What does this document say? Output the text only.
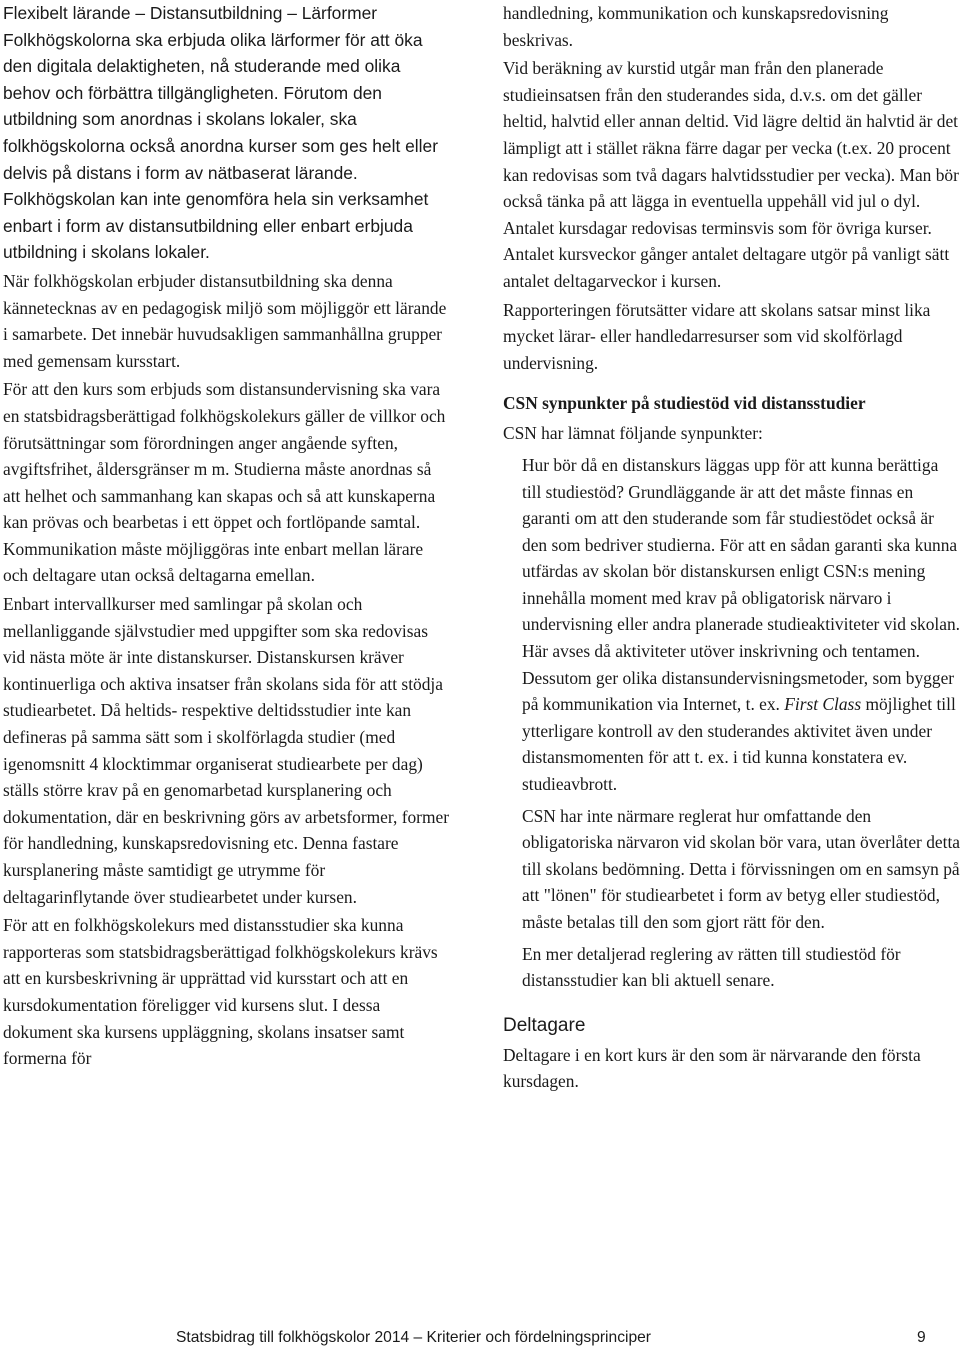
Flexibelt lärande – Distansutbildning – Lärformer

Folkhögskolorna ska erbjuda olika lärformer för att öka den digitala delaktigheten, nå studerande med olika behov och förbättra tillgängligheten. Förutom den utbildning som anordnas i skolans lokaler, ska folkhögskolorna också anordna kurser som ges helt eller delvis på distans i form av nätbaserat lärande. Folkhögskolan kan inte genomföra hela sin verksamhet enbart i form av distansutbildning eller enbart erbjuda utbildning i skolans lokaler.

När folkhögskolan erbjuder distansutbildning ska denna kännetecknas av en pedagogisk miljö som möjliggör ett lärande i samarbete. Det innebär huvudsakligen sammanhållna grupper med gemensam kursstart.

För att den kurs som erbjuds som distansundervisning ska vara en statsbidragsberättigad folkhögskolekurs gäller de villkor och förutsättningar som förordningen anger angående syften, avgiftsfrihet, åldersgränser m m. Studierna måste anordnas så att helhet och sammanhang kan skapas och så att kunskaperna kan prövas och bearbetas i ett öppet och fortlöpande samtal. Kommunikation måste möjliggöras inte enbart mellan lärare och deltagare utan också deltagarna emellan.

Enbart intervallkurser med samlingar på skolan och mellanliggande självstudier med uppgifter som ska redovisas vid nästa möte är inte distanskurser. Distanskursen kräver kontinuerliga och aktiva insatser från skolans sida för att stödja studiearbetet. Då heltids- respektive deltidsstudier inte kan defineras på samma sätt som i skolförlagda studier (med igenomsnitt 4 klocktimmar organiserat studiearbete per dag) ställs större krav på en genomarbetad kursplanering och dokumentation, där en beskrivning görs av arbetsformer, former för handledning, kunskapsredovisning etc. Denna fastare kursplanering måste samtidigt ge utrymme för deltagarinflytande över studiearbetet under kursen.

För att en folkhögskolekurs med distansstudier ska kunna rapporteras som statsbidragsberättigad folkhögskolekurs krävs att en kursbeskrivning är upprättad vid kursstart och att en kursdokumentation föreligger vid kursens slut. I dessa dokument ska kursens uppläggning, skolans insatser samt formerna för

handledning, kommunikation och kunskapsredovisning beskrivas.

Vid beräkning av kurstid utgår man från den planerade studieinsatsen från den studerandes sida, d.v.s. om det gäller heltid, halvtid eller annan deltid. Vid lägre deltid än halvtid är det lämpligt att i stället räkna färre dagar per vecka (t.ex. 20 procent kan redovisas som två dagars halvtidsstudier per vecka). Man bör också tänka på att lägga in eventuella uppehåll vid jul o dyl. Antalet kursdagar redovisas terminsvis som för övriga kurser. Antalet kursveckor gånger antalet deltagare utgör på vanligt sätt antalet deltagarveckor i kursen.

Rapporteringen förutsätter vidare att skolans satsar minst lika mycket lärar- eller handledarresurser som vid skolförlagd undervisning.

CSN synpunkter på studiestöd vid distansstudier

CSN har lämnat följande synpunkter:

Hur bör då en distanskurs läggas upp för att kunna berättiga till studiestöd? Grundläggande är att det måste finnas en garanti om att den studerande som får studiestödet också är den som bedriver studierna. För att en sådan garanti ska kunna utfärdas av skolan bör distanskursen enligt CSN:s mening innehålla moment med krav på obligatorisk närvaro i undervisning eller andra planerade studieaktiviteter vid skolan. Här avses då aktiviteter utöver inskrivning och tentamen. Dessutom ger olika distansundervisningsmetoder, som bygger på kommunikation via Internet, t. ex. First Class möjlighet till ytterligare kontroll av den studerandes aktivitet även under distansmomenten för att t. ex. i tid kunna konstatera ev. studieavbrott.

CSN har inte närmare reglerat hur omfattande den obligatoriska närvaron vid skolan bör vara, utan överlåter detta till skolans bedömning. Detta i förvissningen om en samsyn på att "lönen" för studiearbetet i form av betyg eller studiestöd, måste betalas till den som gjort rätt för den.

En mer detaljerad reglering av rätten till studiestöd för distansstudier kan bli aktuell senare.

Deltagare

Deltagare i en kort kurs är den som är närvarande den första kursdagen.

Statsbidrag till folkhögskolor 2014 – Kriterier och fördelningsprinciper	9
